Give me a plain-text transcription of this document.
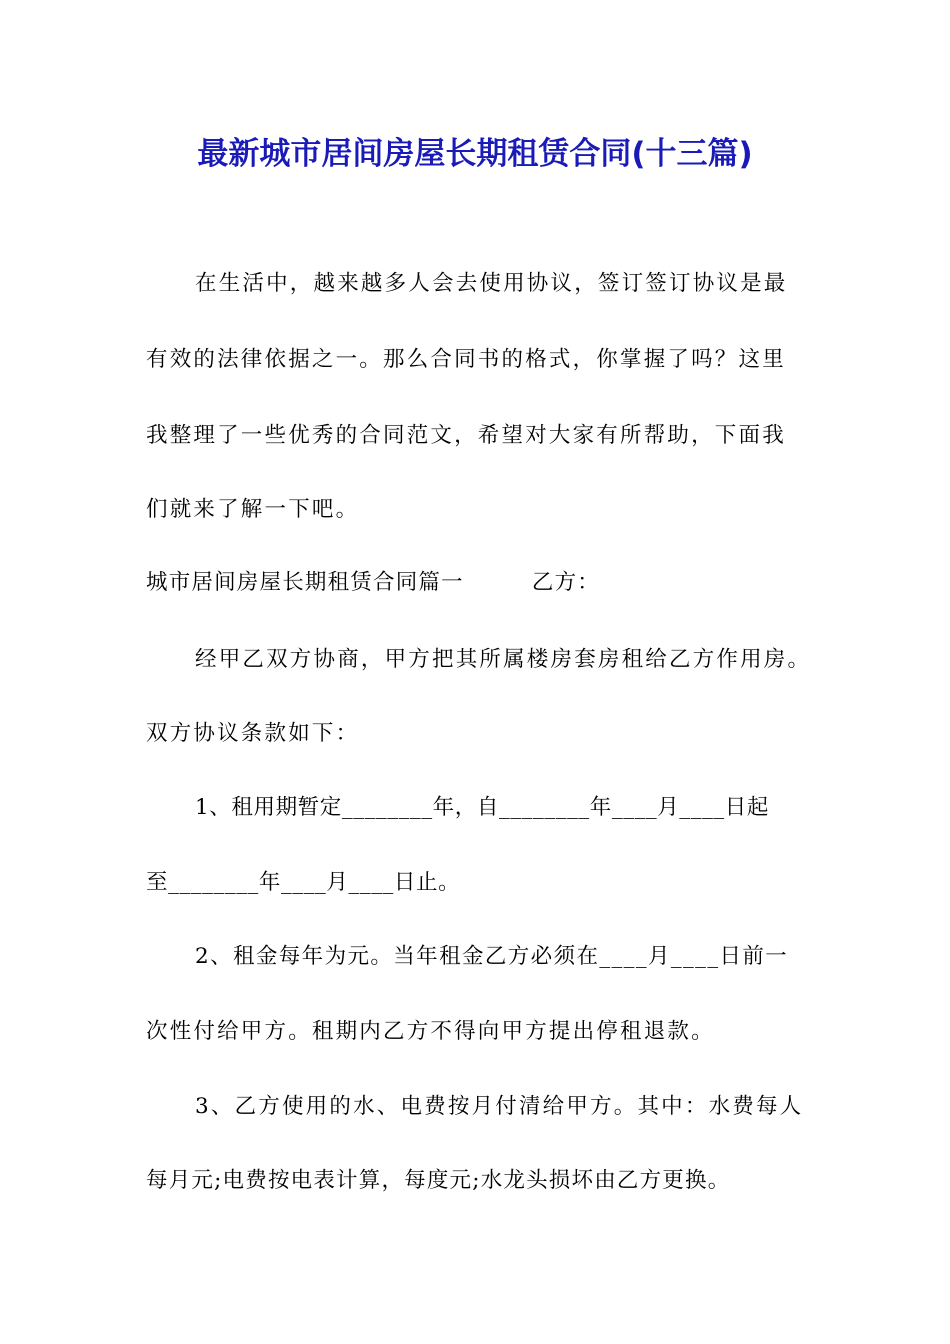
最新城市居间房屋长期租赁合同(十三篇)
在生活中，越来越多人会去使用协议，签订签订协议是最
有效的法律依据之一。那么合同书的格式，你掌握了吗？这里
我整理了一些优秀的合同范文，希望对大家有所帮助，下面我
们就来了解一下吧。
城市居间房屋长期租赁合同篇一　　　乙方：
经甲乙双方协商，甲方把其所属楼房套房租给乙方作用房。
双方协议条款如下：
1、租用期暂定________年，自________年____月____日起
至________年____月____日止。
2、租金每年为元。当年租金乙方必须在____月____日前一
次性付给甲方。租期内乙方不得向甲方提出停租退款。
3、乙方使用的水、电费按月付清给甲方。其中：水费每人
每月元;电费按电表计算，每度元;水龙头损坏由乙方更换。
